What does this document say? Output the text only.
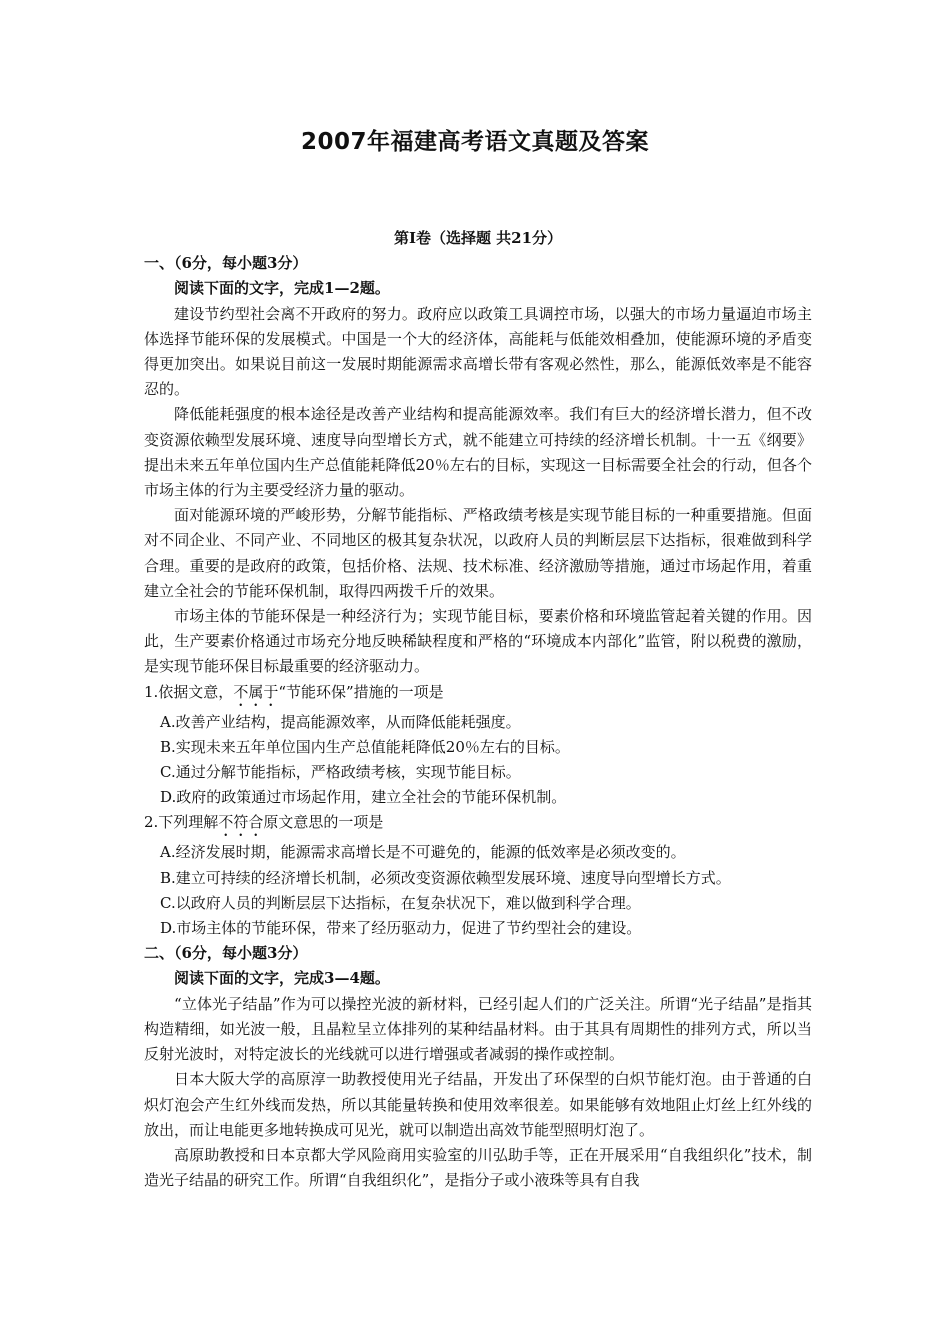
2007年福建高考语文真题及答案

第Ⅰ卷（选择题 共21分）

一、（6分，每小题3分）

阅读下面的文字，完成1—2题。

建设节约型社会离不开政府的努力。政府应以政策工具调控市场，以强大的市场力量逼迫市场主体选择节能环保的发展模式。中国是一个大的经济体，高能耗与低能效相叠加，使能源环境的矛盾变得更加突出。如果说目前这一发展时期能源需求高增长带有客观必然性，那么，能源低效率是不能容忍的。

降低能耗强度的根本途径是改善产业结构和提高能源效率。我们有巨大的经济增长潜力，但不改变资源依赖型发展环境、速度导向型增长方式，就不能建立可持续的经济增长机制。十一五《纲要》提出未来五年单位国内生产总值能耗降低20％左右的目标，实现这一目标需要全社会的行动，但各个市场主体的行为主要受经济力量的驱动。

面对能源环境的严峻形势，分解节能指标、严格政绩考核是实现节能目标的一种重要措施。但面对不同企业、不同产业、不同地区的极其复杂状况，以政府人员的判断层层下达指标，很难做到科学合理。重要的是政府的政策，包括价格、法规、技术标准、经济激励等措施，通过市场起作用，着重建立全社会的节能环保机制，取得四两拨千斤的效果。

市场主体的节能环保是一种经济行为；实现节能目标，要素价格和环境监管起着关键的作用。因此，生产要素价格通过市场充分地反映稀缺程度和严格的“环境成本内部化”监管，附以税费的激励，是实现节能环保目标最重要的经济驱动力。

1.依据文意，不属于“节能环保”措施的一项是

A.改善产业结构，提高能源效率，从而降低能耗强度。

B.实现未来五年单位国内生产总值能耗降低20％左右的目标。

C.通过分解节能指标，严格政绩考核，实现节能目标。

D.政府的政策通过市场起作用，建立全社会的节能环保机制。

2.下列理解不符合原文意思的一项是

A.经济发展时期，能源需求高增长是不可避免的，能源的低效率是必须改变的。

B.建立可持续的经济增长机制，必须改变资源依赖型发展环境、速度导向型增长方式。

C.以政府人员的判断层层下达指标，在复杂状况下，难以做到科学合理。

D.市场主体的节能环保，带来了经历驱动力，促进了节约型社会的建设。

二、（6分，每小题3分）

阅读下面的文字，完成3—4题。

“立体光子结晶”作为可以操控光波的新材料，已经引起人们的广泛关注。所谓“光子结晶”是指其构造精细，如光波一般，且晶粒呈立体排列的某种结晶材料。由于其具有周期性的排列方式，所以当反射光波时，对特定波长的光线就可以进行增强或者减弱的操作或控制。

日本大阪大学的高原淳一助教授使用光子结晶，开发出了环保型的白炽节能灯泡。由于普通的白炽灯泡会产生红外线而发热，所以其能量转换和使用效率很差。如果能够有效地阻止灯丝上红外线的放出，而让电能更多地转换成可见光，就可以制造出高效节能型照明灯泡了。

高原助教授和日本京都大学风险商用实验室的川弘助手等，正在开展采用“自我组织化”技术，制造光子结晶的研究工作。所谓“自我组织化”，是指分子或小液珠等具有自我
